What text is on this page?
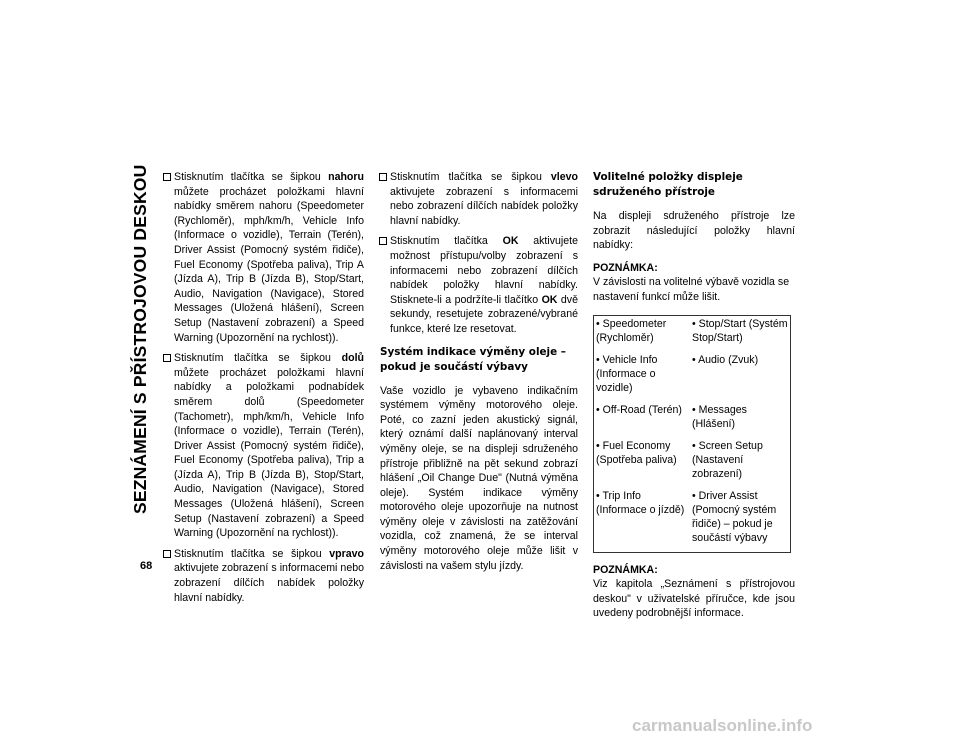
SEZNÁMENÍ S PŘÍSTROJOVOU DESKOU
68
Stisknutím tlačítka se šipkou nahoru můžete procházet položkami hlavní nabídky směrem nahoru (Speedometer (Rychloměr), mph/km/h, Vehicle Info (Informace o vozidle), Terrain (Terén), Driver Assist (Pomocný systém řidiče), Fuel Economy (Spotřeba paliva), Trip A (Jízda A), Trip B (Jízda B), Stop/Start, Audio, Navigation (Navigace), Stored Messages (Uložená hlášení), Screen Setup (Nastavení zobrazení) a Speed Warning (Upozornění na rychlost)).
Stisknutím tlačítka se šipkou dolů můžete procházet položkami hlavní nabídky a položkami podnabídek směrem dolů (Speedometer (Tachometr), mph/km/h, Vehicle Info (Informace o vozidle), Terrain (Terén), Driver Assist (Pomocný systém řidiče), Fuel Economy (Spotřeba paliva), Trip a (Jízda A), Trip B (Jízda B), Stop/Start, Audio, Navigation (Navigace), Stored Messages (Uložená hlášení), Screen Setup (Nastavení zobrazení) a Speed Warning (Upozornění na rychlost)).
Stisknutím tlačítka se šipkou vpravo aktivujete zobrazení s informacemi nebo zobrazení dílčích nabídek položky hlavní nabídky.
Stisknutím tlačítka se šipkou vlevo aktivujete zobrazení s informacemi nebo zobrazení dílčích nabídek položky hlavní nabídky.
Stisknutím tlačítka OK aktivujete možnost přístupu/volby zobrazení s informacemi nebo zobrazení dílčích nabídek položky hlavní nabídky. Stisknete-li a podržíte-li tlačítko OK dvě sekundy, resetujete zobrazené/vybrané funkce, které lze resetovat.
Systém indikace výměny oleje – pokud je součástí výbavy
Vaše vozidlo je vybaveno indikačním systémem výměny motorového oleje. Poté, co zazní jeden akustický signál, který oznámí další naplánovaný interval výměny oleje, se na displeji sdruženého přístroje přibližně na pět sekund zobrazí hlášení „Oil Change Due" (Nutná výměna oleje). Systém indikace výměny motorového oleje upozorňuje na nutnost výměny oleje v závislosti na zatěžování vozidla, což znamená, že se interval výměny motorového oleje může lišit v závislosti na vašem stylu jízdy.
Volitelné položky displeje sdruženého přístroje
Na displeji sdruženého přístroje lze zobrazit následující položky hlavní nabídky:
POZNÁMKA:
V závislosti na volitelné výbavě vozidla se nastavení funkcí může lišit.
• Speedometer (Rychloměr)	• Stop/Start (Systém Stop/Start)
• Vehicle Info (Informace o vozidle)	• Audio (Zvuk)
• Off-Road (Terén)	• Messages (Hlášení)
• Fuel Economy (Spotřeba paliva)	• Screen Setup (Nastavení zobrazení)
• Trip Info (Informace o jízdě)	• Driver Assist (Pomocný systém řidiče) – pokud je součástí výbavy
POZNÁMKA:
Viz kapitola „Seznámení s přístrojovou deskou" v uživatelské příručce, kde jsou uvedeny podrobnější informace.
carmanualsonline.info
